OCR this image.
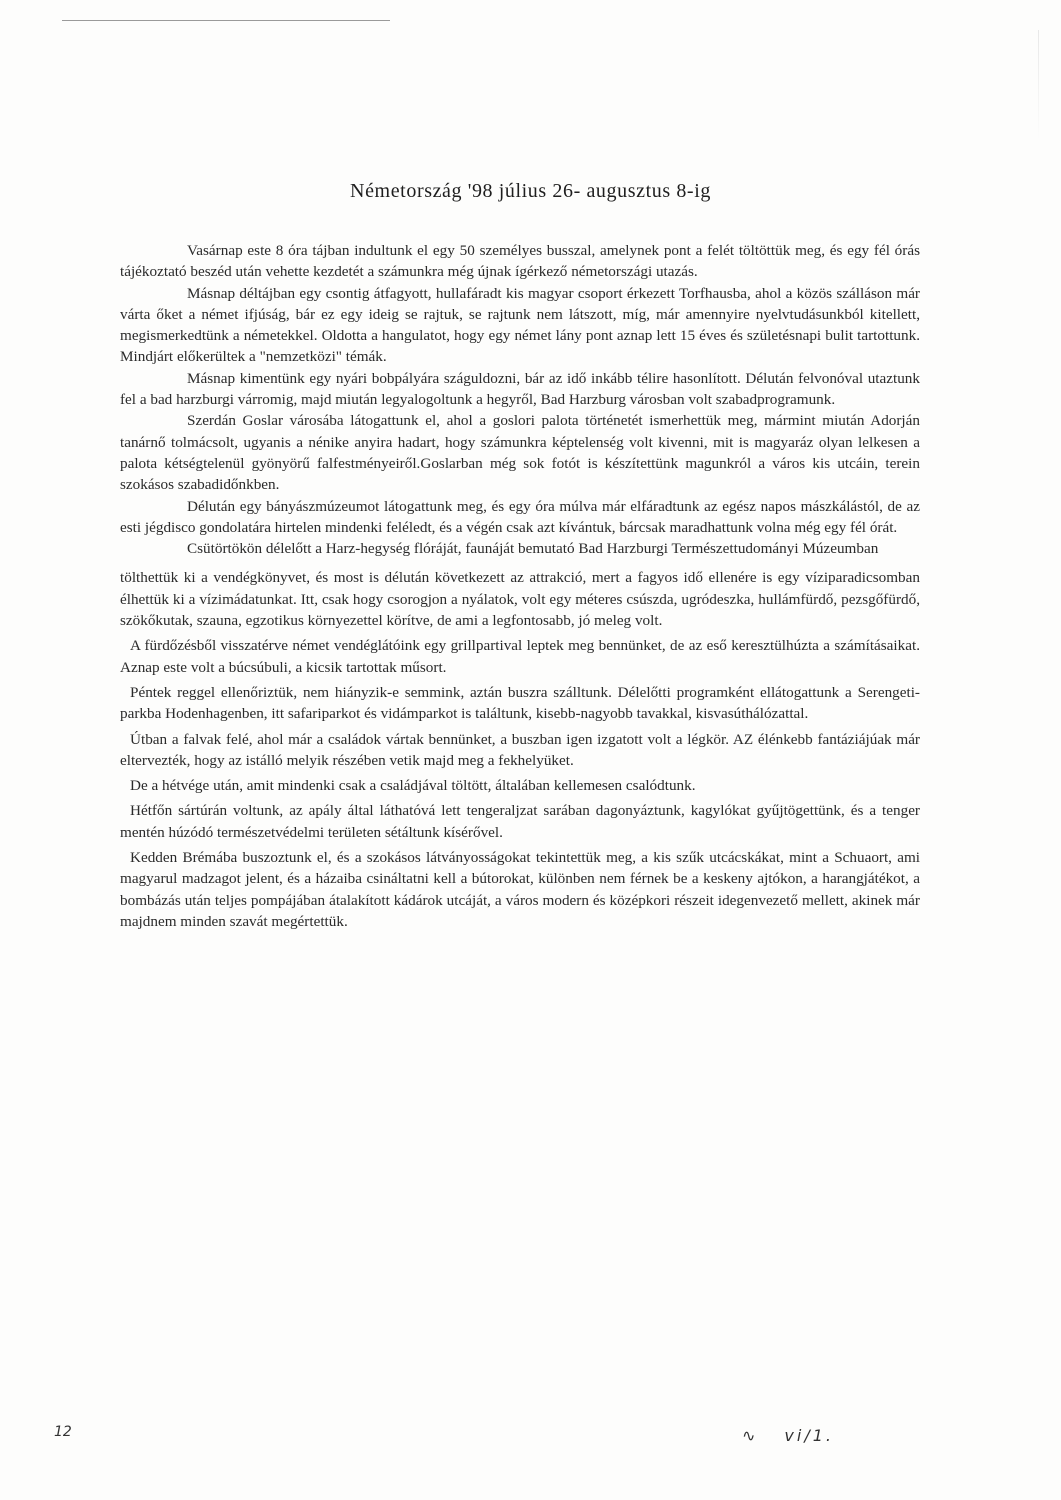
Németország '98 július 26- augusztus 8-ig

Vasárnap este 8 óra tájban indultunk el egy 50 személyes busszal, amelynek pont a felét töltöttük meg, és egy fél órás tájékoztató beszéd után vehette kezdetét a számunkra még újnak ígérkező németországi utazás.

Másnap déltájban egy csontig átfagyott, hullafáradt kis magyar csoport érkezett Torfhausba, ahol a közös szálláson már várta őket a német ifjúság, bár ez egy ideig se rajtuk, se rajtunk nem látszott, míg, már amennyire nyelvtudásunkból kitellett, megismerkedtünk a németekkel. Oldotta a hangulatot, hogy egy német lány pont aznap lett 15 éves és születésnapi bulit tartottunk. Mindjárt előkerültek a "nemzetközi" témák.

Másnap kimentünk egy nyári bobpályára száguldozni, bár az idő inkább télire hasonlított. Délután felvonóval utaztunk fel a bad harzburgi várromig, majd miután legyalogoltunk a hegyről, Bad Harzburg városban volt szabadprogramunk.

Szerdán Goslar városába látogattunk el, ahol a goslori palota történetét ismerhettük meg, mármint miután Adorján tanárnő tolmácsolt, ugyanis a nénike anyira hadart, hogy számunkra képtelenség volt kivenni, mit is magyaráz olyan lelkesen a palota kétségtelenül gyönyörű falfestményeiről.Goslarban még sok fotót is készítettünk magunkról a város kis utcáin, terein szokásos szabadidőnkben.

Délután egy bányászmúzeumot látogattunk meg, és egy óra múlva már elfáradtunk az egész napos mászkálástól, de az esti jégdisco gondolatára hirtelen mindenki feléledt, és a végén csak azt kívántuk, bárcsak maradhattunk volna még egy fél órát.

Csütörtökön délelőtt a Harz-hegység flóráját, faunáját bemutató Bad Harzburgi Természettudományi Múzeumban

tölthettük ki a vendégkönyvet, és most is délután következett az attrakció, mert a fagyos idő ellenére is egy víziparadicsomban élhettük ki a vízimádatunkat. Itt, csak hogy csorogjon a nyálatok, volt egy méteres csúszda, ugródeszka, hullámfürdő, pezsgőfürdő, szökőkutak, szauna, egzotikus környezettel körítve, de ami a legfontosabb, jó meleg volt.

A fürdőzésből visszatérve német vendéglátóink egy grillpartival leptek meg bennünket, de az eső keresztülhúzta a számításaikat. Aznap este volt a búcsúbuli, a kicsik tartottak műsort.

Péntek reggel ellenőriztük, nem hiányzik-e semmink, aztán buszra szálltunk. Délelőtti programként ellátogattunk a Serengeti-parkba Hodenhagenben, itt safariparkot és vidámparkot is találtunk, kisebb-nagyobb tavakkal, kisvasúthálózattal.

Útban a falvak felé, ahol már a családok vártak bennünket, a buszban igen izgatott volt a légkör. AZ élénkebb fantáziájúak már eltervezték, hogy az istálló melyik részében vetik majd meg a fekhelyüket.

De a hétvége után, amit mindenki csak a családjával töltött, általában kellemesen csalódtunk.

Hétfőn sártúrán voltunk, az apály által láthatóvá lett tengeraljzat sarában dagonyáztunk, kagylókat gyűjtögettünk, és a tenger mentén húzódó természetvédelmi területen sétáltunk kísérővel.

Kedden Brémába buszoztunk el, és a szokásos látványosságokat tekintettük meg, a kis szűk utcácskákat, mint a Schuaort, ami magyarul madzagot jelent, és a házaiba csináltatni kell a bútorokat, különben nem férnek be a keskeny ajtókon, a harangjátékot, a bombázás után teljes pompájában átalakított kádárok utcáját, a város modern és középkori részeit idegenvezető mellett, akinek már majdnem minden szavát megértettük.

12	∿ vi/1.
